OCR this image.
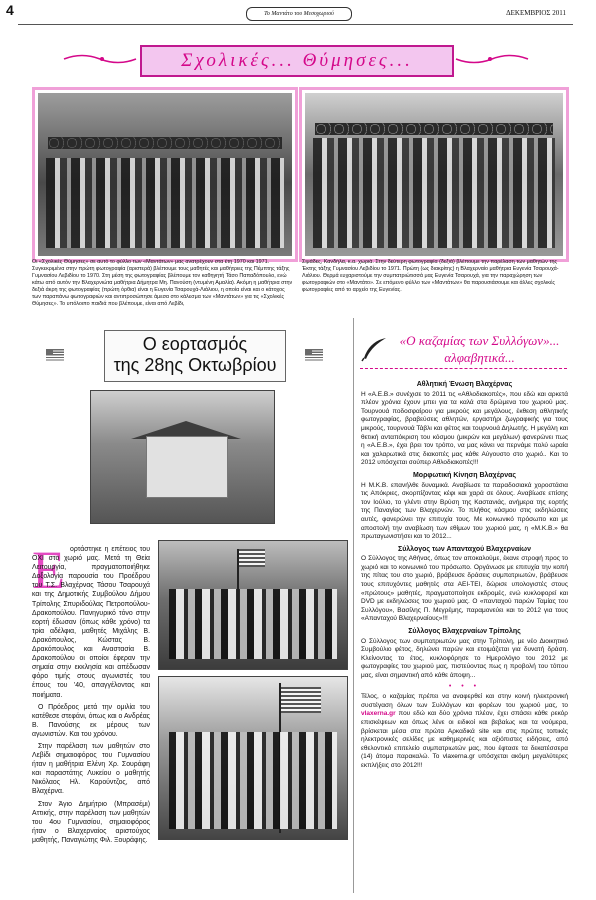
4	Το Μαντάτο του Μεσοχωριού	ΔΕΚΕΜΒΡΙΟΣ 2011
Σχολικές... Θύμησες...
Οι «Σχολικές Θύμησες» σε αυτό το φύλλο των «Μαντάτων» μας ανατρέχουν στα έτη 1970 και 1971. Συγκεκριμένα στην πρώτη φωτογραφία (αριστερά) βλέπουμε τους μαθητές και μαθήτριες της Πέμπτης τάξης Γυμνασίου Λεβιδίου το 1970. Στη μέση της φωτογραφίας βλέπουμε τον καθηγητή Τάσο Παπαδόπουλο, ενώ κάτω από αυτόν την Βλαχερνιώτα μαθήτρια Δήμητρα Μη. Πανούση (ντυμένη Αμαλία). Ακόμη η μαθήτρια στην δεξιά άκρη της φωτογραφίας (πρώτη όρθια) είναι η Ευγενία Τσαρουχά-Λιάλιου, η οποία είναι και ο κάτοχος των παραπάνω φωτογραφιών και αντιπροσώπησε άμεσα στο κάλεσμα των «Μαντάτων» για τις «Σχολικές Θύμησες». Το υπόλοιπο παιδιά που βλέπουμε, είναι από Λεβίδι,
Σιμάδες, Κανδήλα, κ.α. χωριά. Στην δεύτερη φωτογραφία (δεξιά) βλέπουμε την παρέλαση των μαθητών της Έκτης τάξης Γυμνασίου Λεβιδίου το 1971. Πρώτη (ως διακρίτης) η Βλαχερναίο μαθήτρια Ευγενία Τσαρουχά-Λιάλιου. Θερμά ευχαριστούμε την συμπατριώτισσά μας Ευγενία Τσαρουχά, για την παραχώρηση των φωτογραφιών στο «Μαντάτο». Σε επόμενο φύλλο των «Μαντάτων» θα παρουσιάσουμε και άλλες σχολικές φωτογραφίες από το αρχείο της Ευγενίας.
Ο εορτασμός
της 28ης Οκτωβρίου
Ε ορτάστηκε η επέτειος του ΟΧΙ στο χωριό μας. Μετά τη Θεία Λειτουργία, πραγματοποιήθηκε Δοξολογία παρουσία του Προέδρου του Τ.Σ. Βλαχέρνας Τάσου Τσαρουχά και της Δημοτικής Συμβούλου Δήμου Τρίπολης Σπυριδούλας Πετροπούλου-Δρακοπούλου. Πανηγυρικό τόνο στην εορτή έδωσαν (όπως κάθε χρόνο) τα τρία αδέλφια, μαθητές Μιχάλης Β. Δρακόπουλος, Κώστας Β. Δρακόπουλος και Αναστασία Β. Δρακοπούλου οι οποίοι έφεραν την σημαία στην εκκλησία και απέδωσαν φόρο τιμής στους αγωνιστές του έπους του '40, απαγγέλοντας και ποιήματα.

Ο Πρόεδρος μετά την ομιλία του κατέθεσε στεφάνι, όπως και ο Ανδρέας Β. Πανούσης εκ μέρους των αγωνιστών. Και του χρόνου.

Στην παρέλαση των μαθητών στο Λεβίδι σημαιοφόρος του Γυμνασίου ήταν η μαθήτρια Ελένη Χρ. Σουράφη και παραστάτης Λυκείου ο μαθητής Νικόλαος Ηλ. Καρούντζος, από Βλαχέρνα.

Στον Άγιο Δημήτριο (Μπρασέμι) Αττικής, στην παρέλαση των μαθητών του 4ου Γυμνασίου, σημαιοφόρος ήταν ο Βλαχερναίος αριστούχος μαθητής, Παναγιώτης Φιλ. Ξουράφης.

«Ο καζαμίας των Συλλόγων»...
αλφαβητικά...
Αθλητική Ένωση Βλαχέρνας

Η «Α.Ε.Β.» συνέχισε το 2011 τις «Αθλοδιακοπές», που εδώ και αρκετά πλέον χρόνια έχουν μπει για τα καλά στα δρώμενα του χωριού μας. Τουρνουά ποδοσφαίρου για μικρούς και μεγάλους, έκθεση αθλητικής φωτογραφίας, βραβεύσεις αθλητών, εργαστήρι ζωγραφικής για τους μικρούς, τουρνουά Τάβλι και φέτος και τουρνουά Δηλωτής. Η μεγάλη και θετική ανταπόκριση του κόσμου (μικρών και μεγάλων) φανερώνει πως η «Α.Ε.Β.», έχει βρει τον τρόπο, να μας κάνει να περνάμε πολύ ωραία και χαλαρωτικά στις διακοπές μας κάθε Αύγουστο στο χωριό.. Και το 2012 υπόσχεται σούπερ Αθλοδιακοπές!!!

Μορφωτική Κίνηση Βλαχέρνας

Η Μ.Κ.Β. επανήλθε δυναμικά. Αναβίωσε τα παραδοσιακά χοροστάσια τις Απόκριες, σκορπίζοντας κέφι και χαρά σε όλους. Αναβίωσε επίσης τον Ιούλιο, το γλέντι στην Βρύση της Καστανιάς, ανήμερα της εορτής της Παναγίας των Βλαχερνών. Το πλήθος κόσμου στις εκδηλώσεις αυτές, φανερώνει την επιτυχία τους. Με κοινωνικό πρόσωπο και με αποστολή την αναβίωση των εθίμων του χωριού μας, η «Μ.Κ.Β.» θα πρωταγωνιστήσει και το 2012...

Σύλλογος των Απανταχού Βλαχερναίων

Ο Σύλλογος της Αθήνας, όπως τον αποκαλούμε, έκανε στροφή προς το χωριό και το κοινωνικό του πρόσωπο. Οργάνωσε με επιτυχία την κοπή της πίτας του στο χωριό, βράβευσε δράσεις συμπατριωτών, βράβευσε τους επιτυχόντες μαθητές στα ΑΕΙ-ΤΕΙ, δώρισε υπολογιστές στους «πρώτους» μαθητές, πραγματοποίησε εκδρομές, ενώ κυκλοφορεί και DVD με εκδηλώσεις του χωριού μας. Ο «πανταχού παρών Ταμίας του Συλλόγου», Βασίλης Π. Μεγρέμης, παραμονεύει και το 2012 για τους «Απανταχού Βλαχερναίους»!!!

Σύλλογος Βλαχερναίων Τρίπολης

Ο Σύλλογος των συμπατριωτών μας στην Τρίπολη, με νέο Διοικητικό Συμβούλιο φέτος, δηλώνει παρών και ετοιμάζεται για δυνατή δράση. Κλείνοντας το έτος, κυκλοφόρησε το Ημερολόγιο του 2012 με φωτογραφίες του χωριού μας, πιστεύοντας πως η προβολή του τόπου μας, είναι σημαντική από κάθε άποψη...

• • •

Τέλος, ο καζαμίας πρέπει να αναφερθεί και στην κοινή ηλεκτρονική συστέγαση όλων των Συλλόγων και φορέων του χωριού μας, το vlaxerna.gr που εδώ και δύο χρόνια πλέον, έχει σπάσει κάθε ρεκόρ επισκέψεων και όπως λένε οι ειδικοί και βεβαίως και τα νούμερα, βρίσκεται μέσα στα πρώτα Αρκαδικά site και στις πρώτες τοπικές ηλεκτρονικές σελίδες με καθημερινές και αξιόπιστες ειδήσεις, από εθελοντικό επιτελείο συμπατριωτών μας, που έφτασε τα δεκατέσσερα (14) άτομα παρακαλώ. Το vlaxerna.gr υπόσχεται ακόμη μεγαλύτερες εκπλήξεις στο 2012!!!
